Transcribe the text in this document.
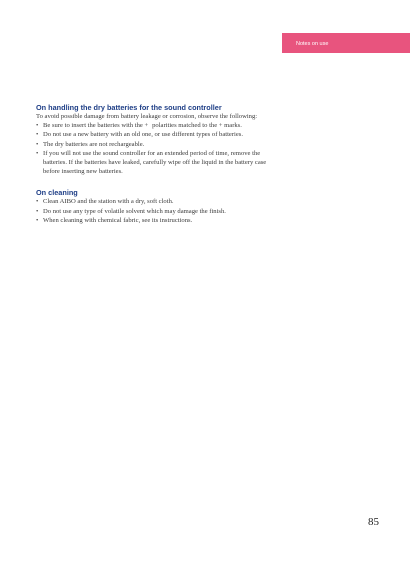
Notes on use
On handling the dry batteries for the sound controller

To avoid possible damage from battery leakage or corrosion, observe the following:

• Be sure to insert the batteries with the +   polarities matched to the + marks.
• Do not use a new battery with an old one, or use different types of batteries.
• The dry batteries are not rechargeable.
• If you will not use the sound controller for an extended period of time, remove the batteries. If the batteries have leaked, carefully wipe off the liquid in the battery case before inserting new batteries.
On cleaning
• Clean AIBO and the station with a dry, soft cloth.
• Do not use any type of volatile solvent which may damage the finish.
• When cleaning with chemical fabric, see its instructions.
85
